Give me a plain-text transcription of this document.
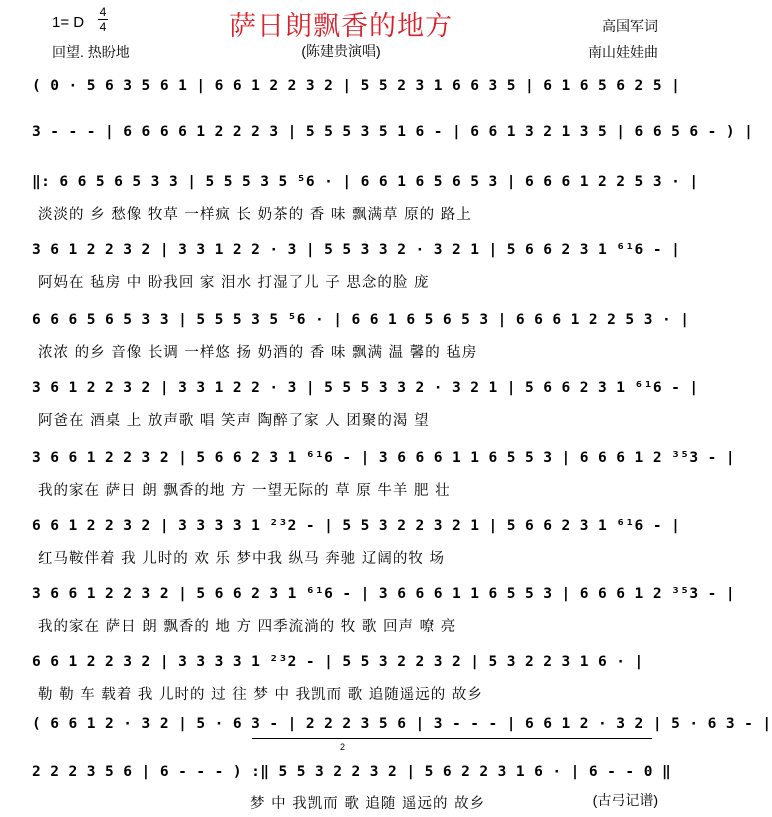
1= D
4
4	萨日朗飘香的地方	高国军词
南山娃娃曲
回望. 热盼地	(陈建贵演唱)
( 0 · 5 6 3 5 6 1 | 6 6 1 2 2 3 2 | 5 5 2 3 1 6 6 3 5 | 6 1 6 5 6 2 5 |
3 - - - | 6 6 6 6 1 2 2 2 3 | 5 5 5 3 5 1 6 - | 6 6 1 3 2 1 3 5 | 6 6 5 6 - ) |
‖: 6 6 5 6 5 3 3 | 5 5 5 3 5 ⁵6 · | 6 6 1 6 5 6 5 3 | 6 6 6 1 2 2 5 3 · |
淡淡的 乡 愁像 牧草 一样疯 长 奶茶的 香 味 飘满草 原的 路上
3 6 1 2 2 3 2 | 3 3 1 2 2 · 3 | 5 5 3 3 2 · 3 2 1 | 5 6 6 2 3 1 ⁶¹6 - |
阿妈在 毡房 中 盼我回 家 泪水 打湿了儿 子 思念的脸 庞
6 6 6 5 6 5 3 3 | 5 5 5 3 5 ⁵6 · | 6 6 1 6 5 6 5 3 | 6 6 6 1 2 2 5 3 · |
浓浓 的乡 音像 长调 一样悠 扬 奶酒的 香 味 飘满 温 馨的 毡房
3 6 1 2 2 3 2 | 3 3 1 2 2 · 3 | 5 5 5 3 3 2 · 3 2 1 | 5 6 6 2 3 1 ⁶¹6 - |
阿爸在 酒桌 上 放声歌 唱 笑声 陶醉了家 人 团聚的渴 望
3 6 6 1 2 2 3 2 | 5 6 6 2 3 1 ⁶¹6 - | 3 6 6 6 1 1 6 5 5 3 | 6 6 6 1 2 ³⁵3 - |
我的家在 萨日 朗 飘香的地 方 一望无际的 草 原 牛羊 肥 壮
6 6 1 2 2 3 2 | 3 3 3 3 1 ²³2 - | 5 5 3 2 2 3 2 1 | 5 6 6 2 3 1 ⁶¹6 - |
红马鞍伴着 我 儿时的 欢 乐 梦中我 纵马 奔驰 辽阔的牧 场
3 6 6 1 2 2 3 2 | 5 6 6 2 3 1 ⁶¹6 - | 3 6 6 6 1 1 6 5 5 3 | 6 6 6 1 2 ³⁵3 - |
我的家在 萨日 朗 飘香的 地 方 四季流淌的 牧 歌 回声 嘹 亮
6 6 1 2 2 3 2 | 3 3 3 3 1 ²³2 - | 5 5 3 2 2 3 2 | 5 3 2 2 3 1 6 · |
勒 勒 车 载着 我 儿时的 过 往 梦 中 我凯而 歌 追随遥远的 故乡
( 6 6 1 2 · 3 2 | 5 · 6 3 - | 2 2 2 3 5 6 | 3 - - - | 6 6 1 2 · 3 2 | 5 · 6 3 - |
2
2 2 2 3 5 6 | 6 - - - ) :‖ 5 5 3 2 2 3 2 | 5 6 2 2 3 1 6 · | 6 - - 0 ‖
梦 中 我凯而 歌 追随 遥远的 故乡	(古弓记谱)
